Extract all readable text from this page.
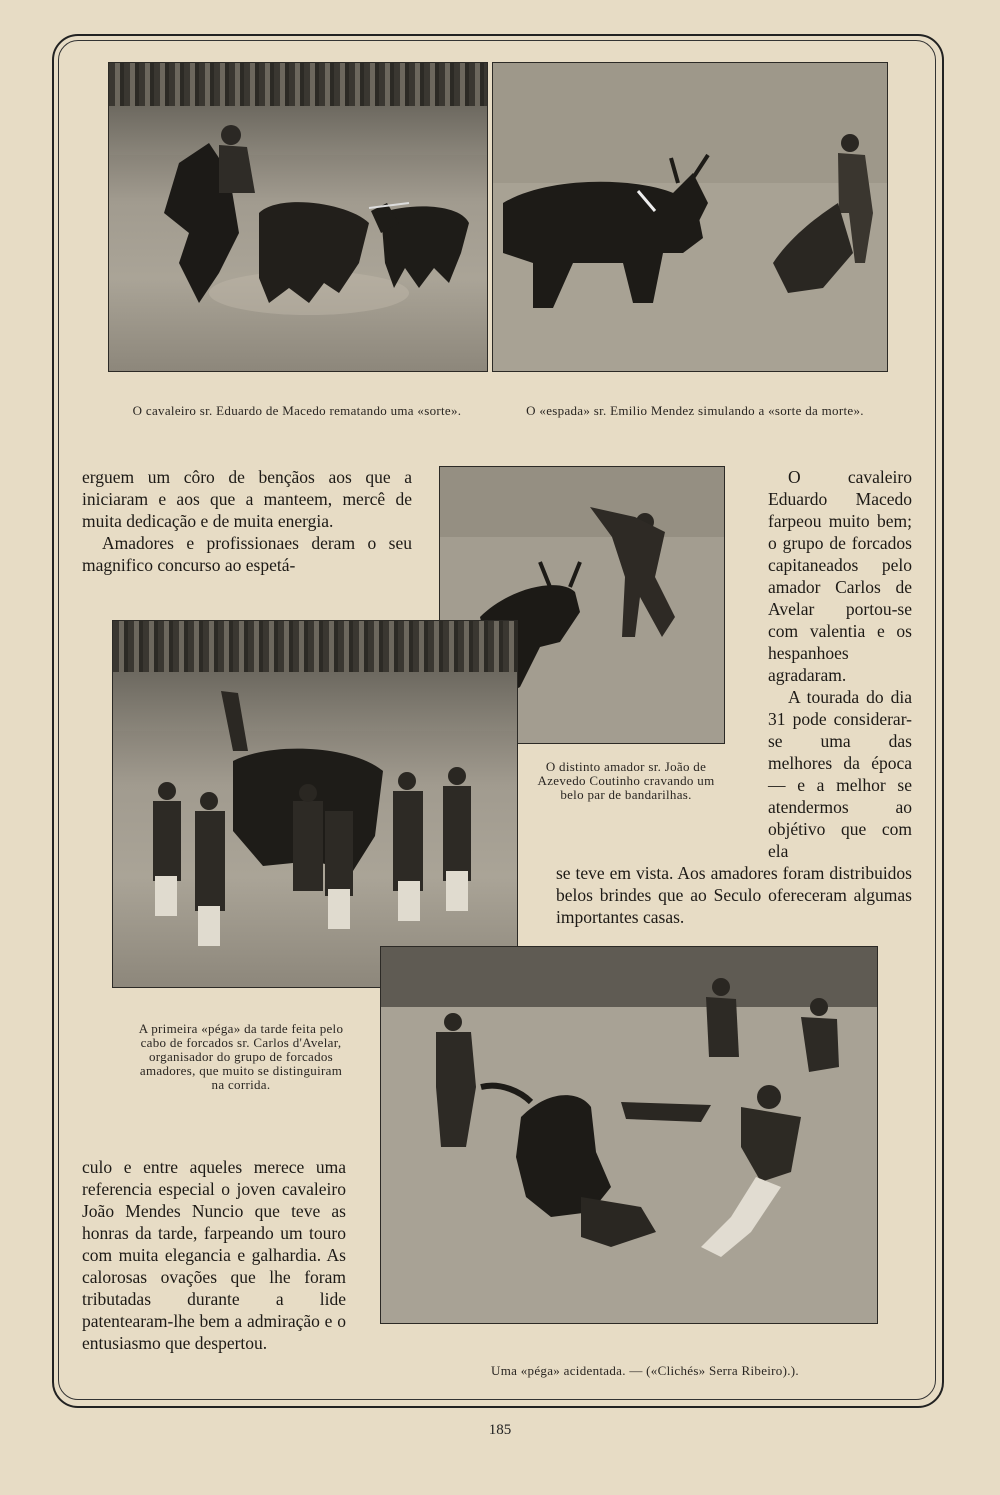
O cavaleiro sr. Eduardo de Macedo rematando uma «sorte».	O «espada» sr. Emilio Mendez simulando a «sorte da morte».
O distinto amador sr. João de Azevedo Coutinho cravando um belo par de bandarilhas.
A primeira «péga» da tarde feita pelo cabo de forcados sr. Carlos d'Avelar, organisador do grupo de forcados amadores, que muito se distinguiram na corrida.
Uma «péga» acidentada. — («Clichés» Serra Ribeiro).).

erguem um côro de bençãos aos que a iniciaram e aos que a manteem, mercê de muita dedicação e de muita energia.

Amadores e profissionaes deram o seu magnifico concurso ao espetá-

O cavaleiro Eduardo Macedo farpeou muito bem; o grupo de forcados capitaneados pelo amador Carlos de Avelar portou-se com valentia e os hespanhoes agradaram.

A tourada do dia 31 pode considerar-se uma das melhores da época — e a melhor se atendermos ao objétivo que com ela

se teve em vista. Aos amadores foram distribuidos belos brindes que ao Seculo ofereceram algumas importantes casas.

culo e entre aqueles merece uma referencia especial o joven cavaleiro João Mendes Nuncio que teve as honras da tarde, farpeando um touro com muita elegancia e galhardia. As calorosas ovações que lhe foram tributadas durante a lide patentearam-lhe bem a admiração e o entusiasmo que despertou.

185
